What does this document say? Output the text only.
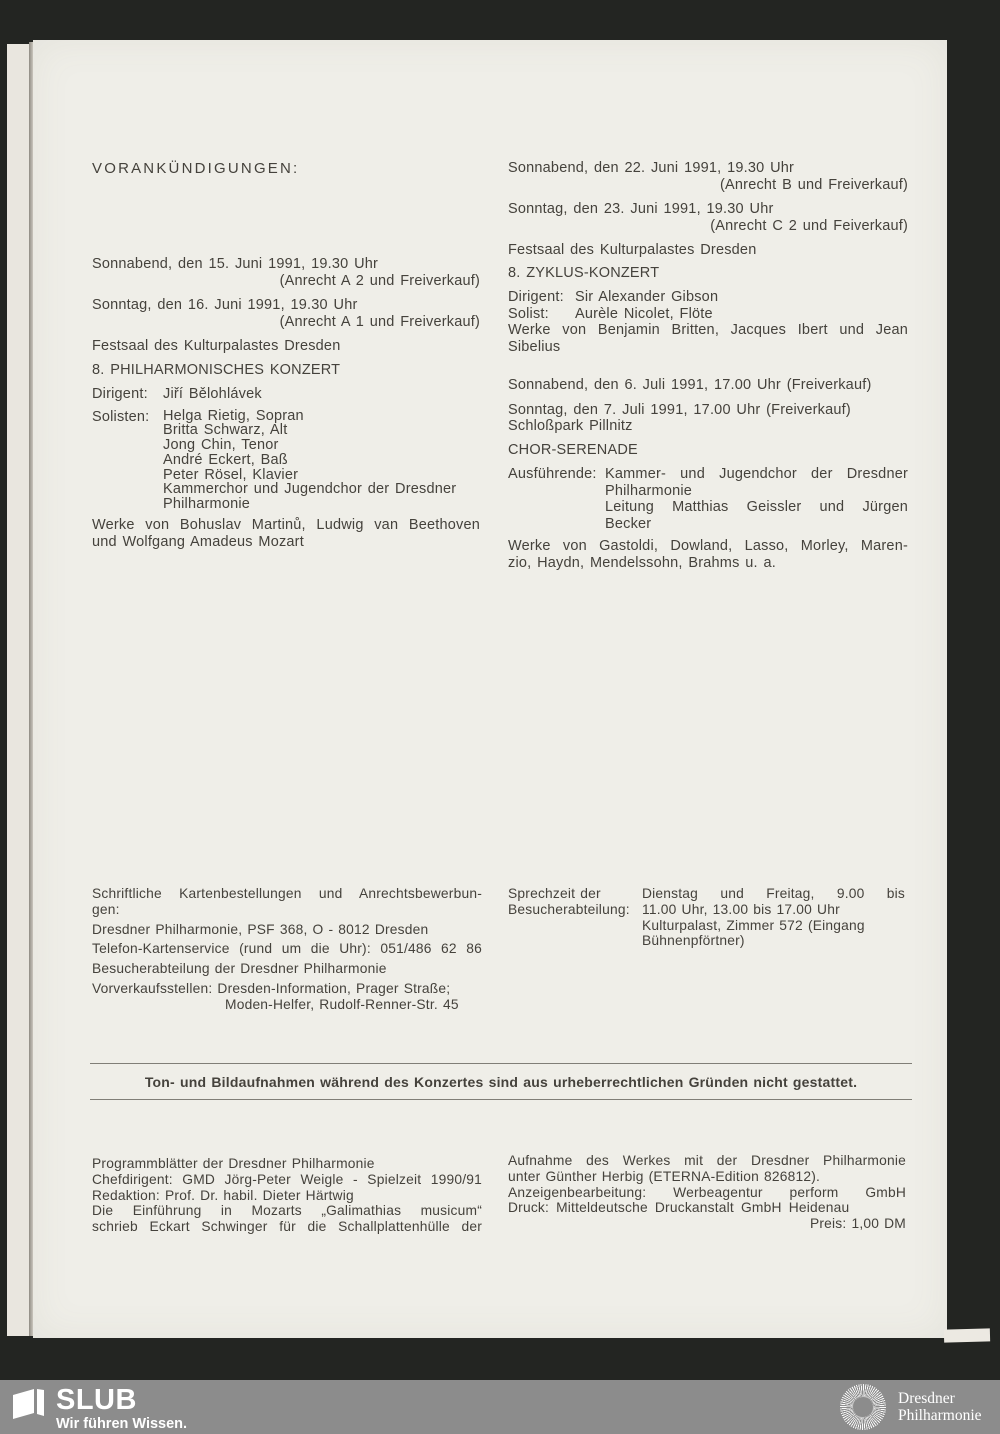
VORANKÜNDIGUNGEN:
Sonnabend, den 15. Juni 1991, 19.30 Uhr
(Anrecht A 2 und Freiverkauf)
Sonntag, den 16. Juni 1991, 19.30 Uhr
(Anrecht A 1 und Freiverkauf)
Festsaal des Kulturpalastes Dresden
8. PHILHARMONISCHES KONZERT
Dirigent:	Jiří Bělohlávek
Solisten: Helga Rietig, Sopran
Britta Schwarz, Alt
Jong Chin, Tenor
André Eckert, Baß
Peter Rösel, Klavier
Kammerchor und Jugendchor der Dresdner
Philharmonie
Werke von Bohuslav Martinů, Ludwig van Beethoven
und Wolfgang Amadeus Mozart
Sonnabend, den 22. Juni 1991, 19.30 Uhr
(Anrecht B und Freiverkauf)
Sonntag, den 23. Juni 1991, 19.30 Uhr
(Anrecht C 2 und Feiverkauf)
Festsaal des Kulturpalastes Dresden
8. ZYKLUS-KONZERT
Dirigent: Sir Alexander Gibson
Solist:	Aurèle Nicolet, Flöte
Werke von Benjamin Britten, Jacques Ibert und Jean
Sibelius
Sonnabend, den 6. Juli 1991, 17.00 Uhr (Freiverkauf)
Sonntag, den 7. Juli 1991, 17.00 Uhr (Freiverkauf)
Schloßpark Pillnitz
CHOR-SERENADE
Ausführende: Kammer- und Jugendchor der Dresdner
Philharmonie
Leitung Matthias Geissler und Jürgen
Becker
Werke von Gastoldi, Dowland, Lasso, Morley, Maren-
zio, Haydn, Mendelssohn, Brahms u. a.
Schriftliche Kartenbestellungen und Anrechtsbewerbun-
gen:
Dresdner Philharmonie, PSF 368, O - 8012 Dresden
Telefon-Kartenservice (rund um die Uhr): 051/486 62 86
Besucherabteilung der Dresdner Philharmonie
Vorverkaufsstellen: Dresden-Information, Prager Straße;
Moden-Helfer, Rudolf-Renner-Str. 45
Sprechzeit der
Besucherabteilung:
Dienstag und Freitag, 9.00 bis
11.00 Uhr, 13.00 bis 17.00 Uhr
Kulturpalast, Zimmer 572 (Eingang
Bühnenpförtner)
Ton- und Bildaufnahmen während des Konzertes sind aus urheberrechtlichen Gründen nicht gestattet.
Programmblätter der Dresdner Philharmonie
Chefdirigent: GMD Jörg-Peter Weigle - Spielzeit 1990/91
Redaktion: Prof. Dr. habil. Dieter Härtwig
Die Einführung in Mozarts „Galimathias musicum“
schrieb Eckart Schwinger für die Schallplattenhülle der
Aufnahme des Werkes mit der Dresdner Philharmonie
unter Günther Herbig (ETERNA-Edition 826812).
Anzeigenbearbeitung: Werbeagentur perform GmbH
Druck: Mitteldeutsche Druckanstalt GmbH Heidenau
Preis: 1,00 DM
SLUB
Wir führen Wissen.
Dresdner
Philharmonie
